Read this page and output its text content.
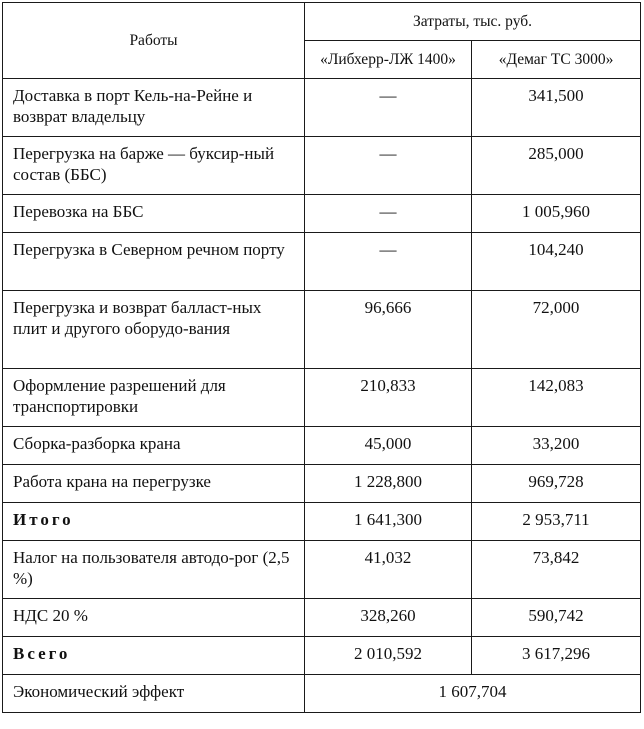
Работы	Затраты, тыс. руб.	
	«Либхерр-ЛЖ 1400»	«Демаг ТС 3000»
Доставка в порт Кель-на-Рейне и возврат владельцу	—	341,500
Перегрузка на барже — буксир-ный состав (ББС)	—	285,000
Перевозка на ББС	—	1 005,960
Перегрузка в Северном речном порту	—	104,240
Перегрузка и возврат балласт-ных плит и другого оборудо-вания	96,666	72,000
Оформление разрешений для транспортировки	210,833	142,083
Сборка-разборка крана	45,000	33,200
Работа крана на перегрузке	1 228,800	969,728
Итого	1 641,300	2 953,711
Налог на пользователя автодо-рог (2,5 %)	41,032	73,842
НДС 20 %	328,260	590,742
Всего	2 010,592	3 617,296
Экономический эффект	1 607,704	
